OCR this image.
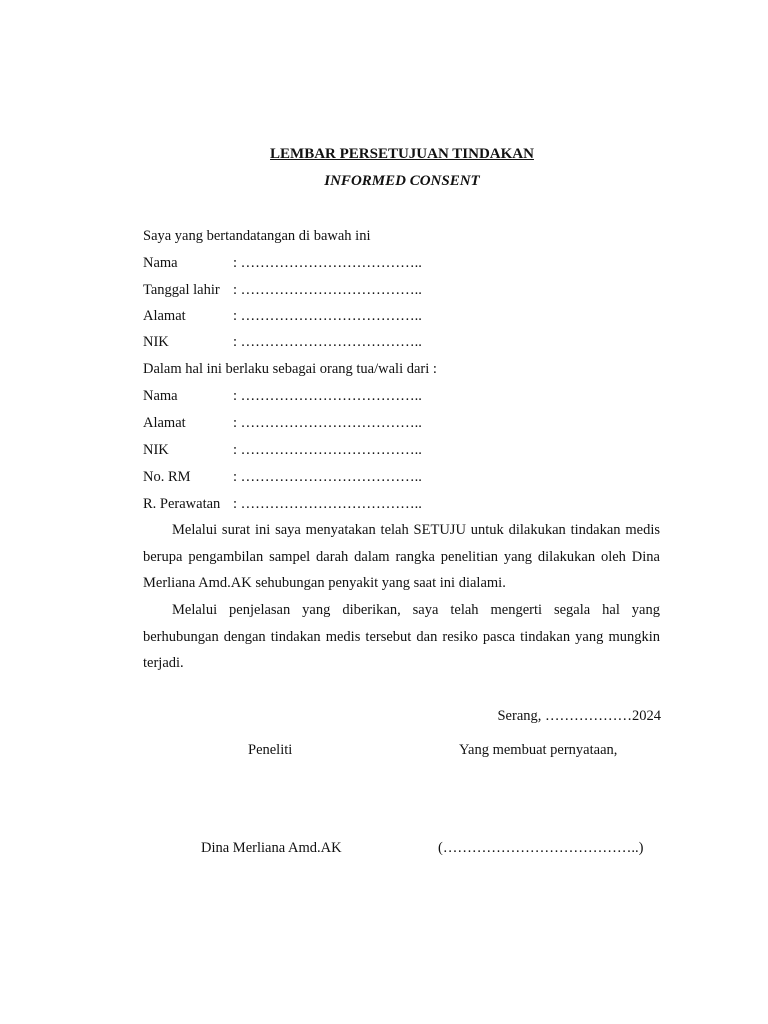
LEMBAR PERSETUJUAN TINDAKAN
INFORMED CONSENT
Saya yang bertandatangan di bawah ini
Nama	: ………………………………..
Tanggal lahir : ………………………………..
Alamat	: ………………………………..
NIK	: ………………………………..
Dalam hal ini berlaku sebagai orang tua/wali dari :
Nama	: ………………………………..
Alamat	: ………………………………..
NIK	: ………………………………..
No. RM	: ………………………………..
R. Perawatan : ………………………………..
Melalui surat ini saya menyatakan telah SETUJU untuk dilakukan tindakan medis berupa pengambilan sampel darah dalam rangka penelitian yang dilakukan oleh Dina Merliana Amd.AK sehubungan penyakit yang saat ini dialami.
Melalui penjelasan yang diberikan, saya telah mengerti segala hal yang berhubungan dengan tindakan medis tersebut dan resiko pasca tindakan yang mungkin terjadi.
Serang, ………………2024
Peneliti	Yang membuat pernyataan,
Dina Merliana Amd.AK	(…………………………………..)
